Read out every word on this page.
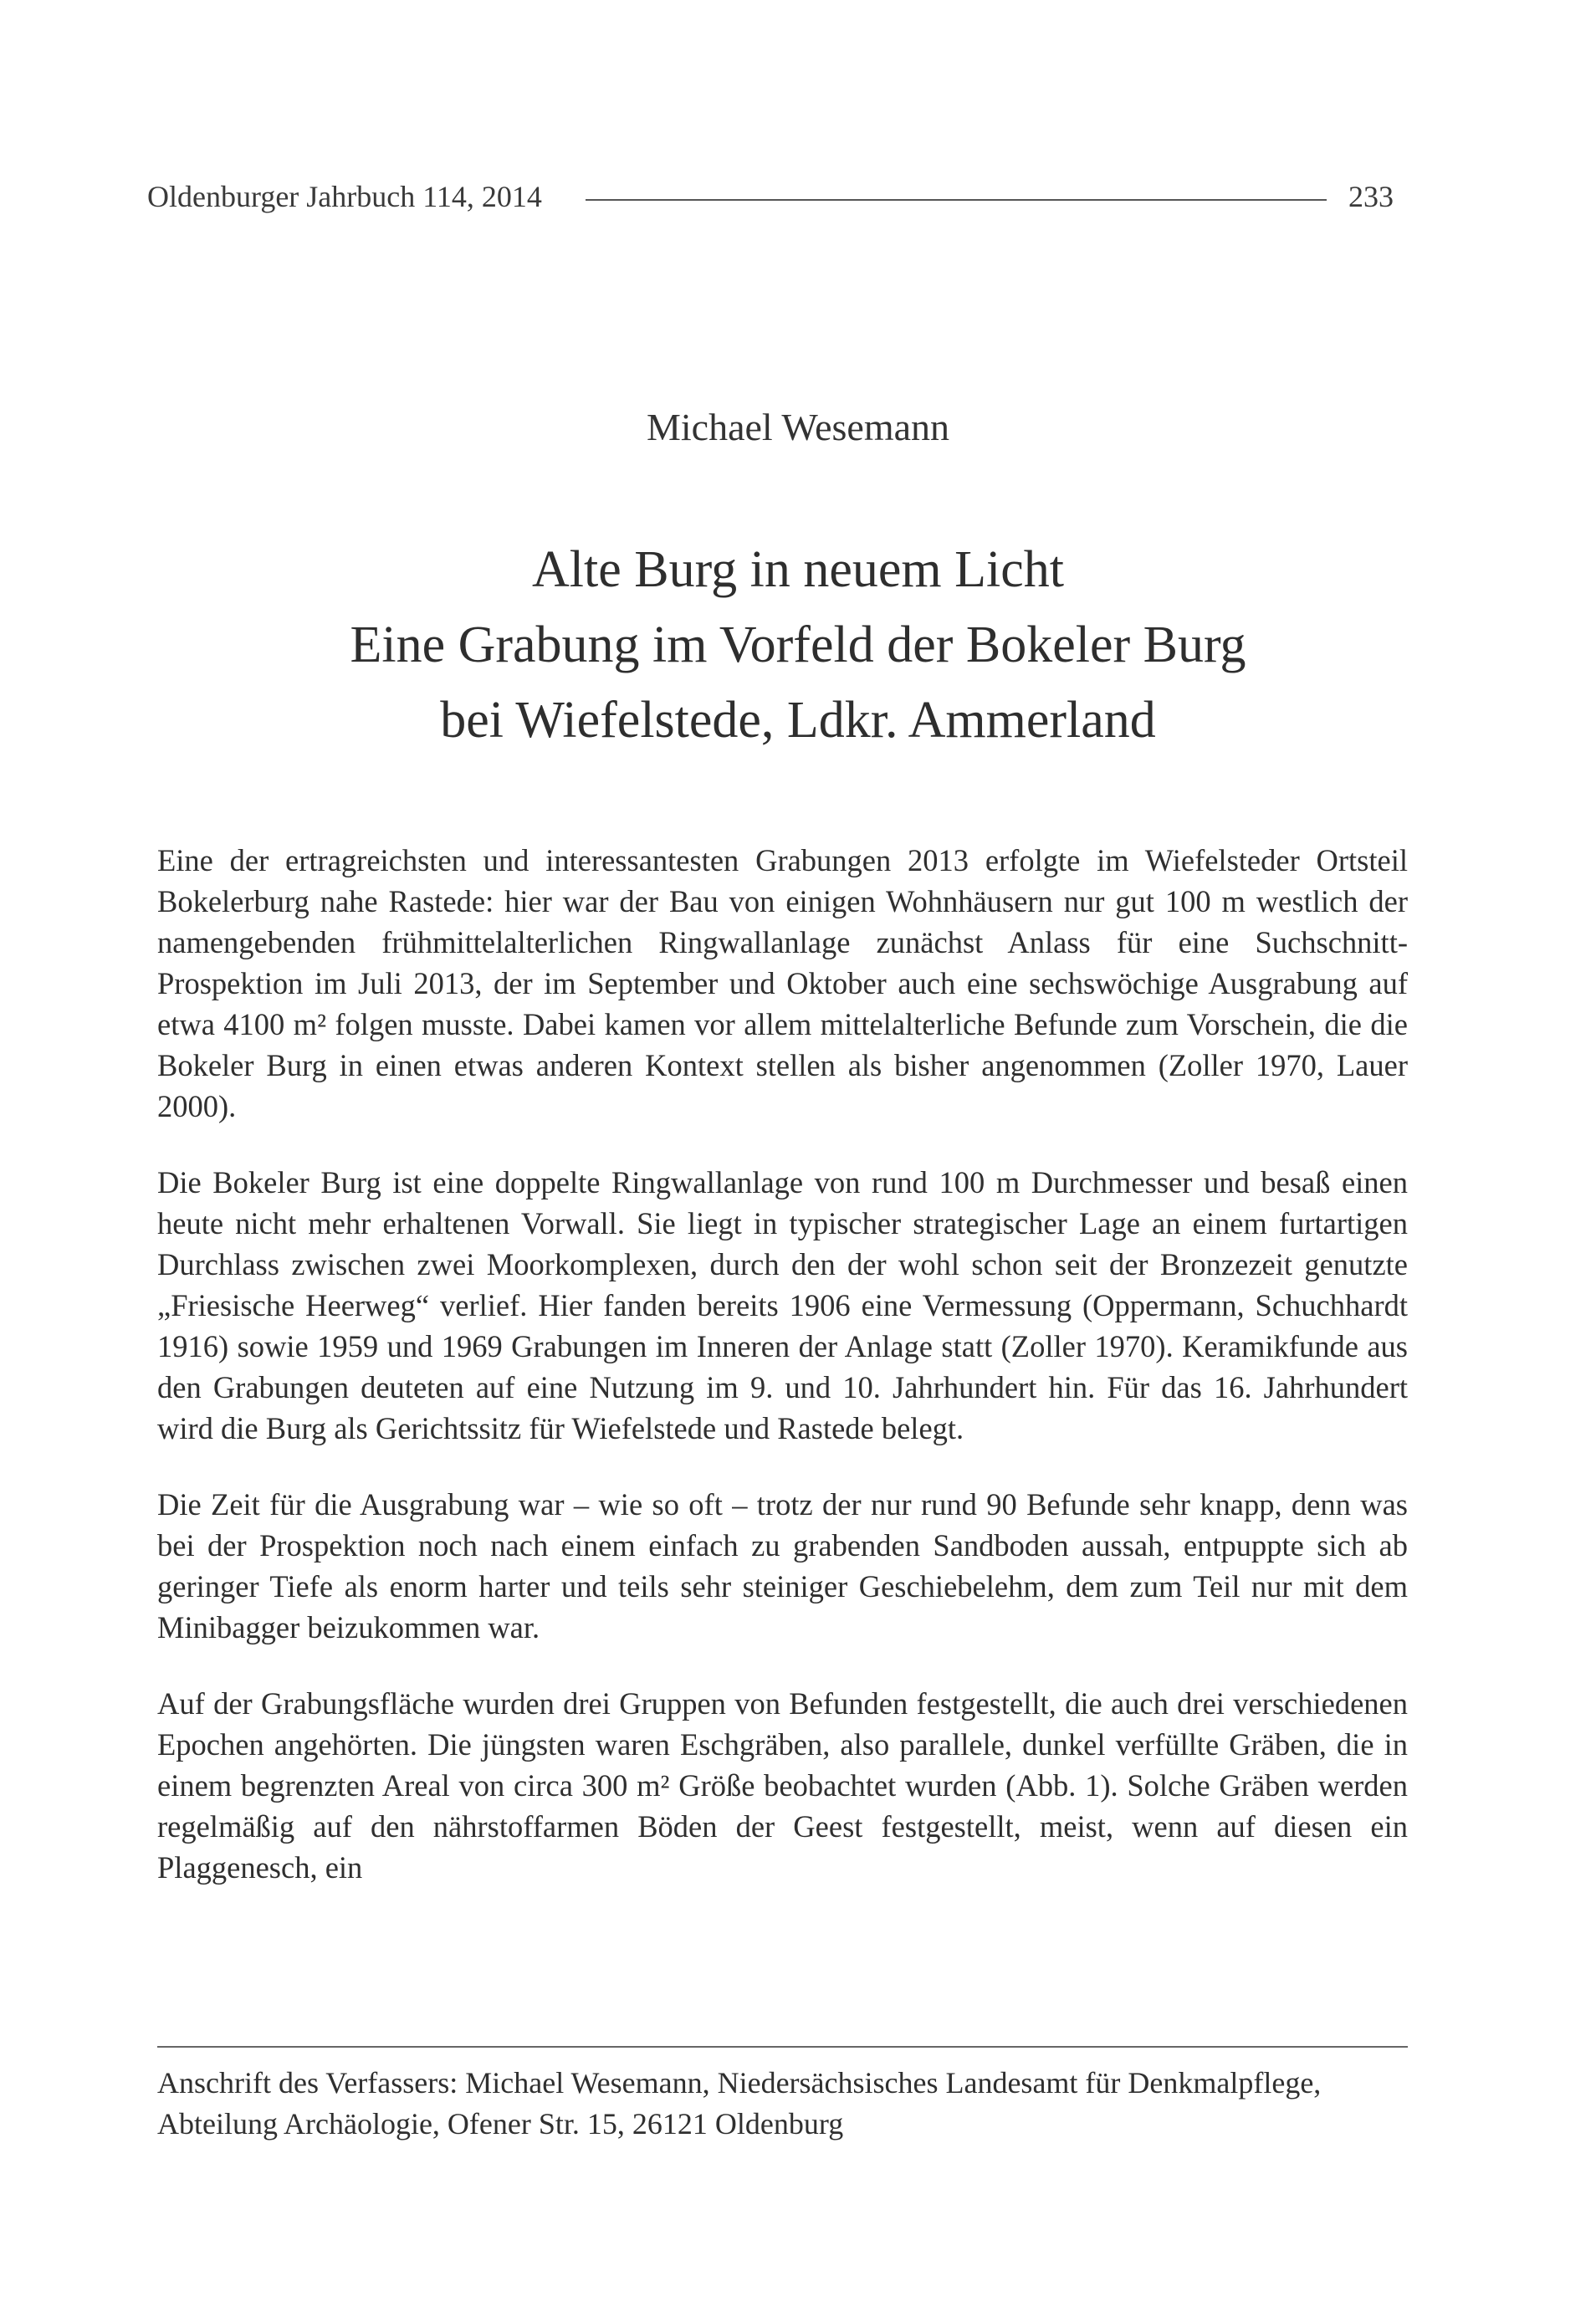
Oldenburger Jahrbuch 114, 2014	233
Michael Wesemann
Alte Burg in neuem Licht
Eine Grabung im Vorfeld der Bokeler Burg
bei Wiefelstede, Ldkr. Ammerland

Eine der ertragreichsten und interessantesten Grabungen 2013 erfolgte im Wiefelsteder Ortsteil Bokelerburg nahe Rastede: hier war der Bau von einigen Wohnhäusern nur gut 100 m westlich der namengebenden frühmittelalterlichen Ringwallanlage zunächst Anlass für eine Suchschnitt-Prospektion im Juli 2013, der im September und Oktober auch eine sechswöchige Ausgrabung auf etwa 4100 m² folgen musste. Dabei kamen vor allem mittelalterliche Befunde zum Vorschein, die die Bokeler Burg in einen etwas anderen Kontext stellen als bisher angenommen (Zoller 1970, Lauer 2000).

Die Bokeler Burg ist eine doppelte Ringwallanlage von rund 100 m Durchmesser und besaß einen heute nicht mehr erhaltenen Vorwall. Sie liegt in typischer strategischer Lage an einem furtartigen Durchlass zwischen zwei Moorkomplexen, durch den der wohl schon seit der Bronzezeit genutzte „Friesische Heerweg“ verlief. Hier fanden bereits 1906 eine Vermessung (Oppermann, Schuchhardt 1916) sowie 1959 und 1969 Grabungen im Inneren der Anlage statt (Zoller 1970). Keramikfunde aus den Grabungen deuteten auf eine Nutzung im 9. und 10. Jahrhundert hin. Für das 16. Jahrhundert wird die Burg als Gerichtssitz für Wiefelstede und Rastede belegt.

Die Zeit für die Ausgrabung war – wie so oft – trotz der nur rund 90 Befunde sehr knapp, denn was bei der Prospektion noch nach einem einfach zu grabenden Sandboden aussah, entpuppte sich ab geringer Tiefe als enorm harter und teils sehr steiniger Geschiebelehm, dem zum Teil nur mit dem Minibagger beizukommen war.

Auf der Grabungsfläche wurden drei Gruppen von Befunden festgestellt, die auch drei verschiedenen Epochen angehörten. Die jüngsten waren Eschgräben, also parallele, dunkel verfüllte Gräben, die in einem begrenzten Areal von circa 300 m² Größe beobachtet wurden (Abb. 1). Solche Gräben werden regelmäßig auf den nährstoffarmen Böden der Geest festgestellt, meist, wenn auf diesen ein Plaggenesch, ein

Anschrift des Verfassers: Michael Wesemann, Niedersächsisches Landesamt für Denkmalpflege, Abteilung Archäologie, Ofener Str. 15, 26121 Oldenburg
